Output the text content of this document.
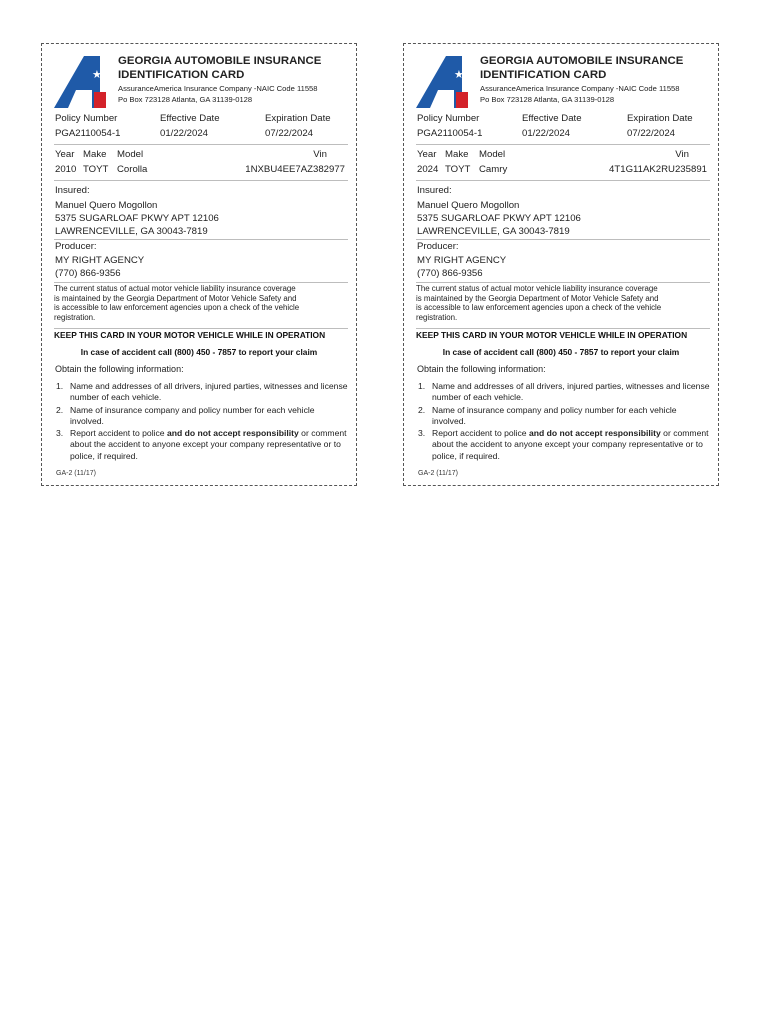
★
GEORGIA AUTOMOBILE INSURANCE
IDENTIFICATION CARD
AssuranceAmerica Insurance Company -NAIC Code 11558
Po Box 723128 Atlanta, GA 31139-0128
Policy Number	Effective Date	Expiration Date
PGA2110054-1	01/22/2024	07/22/2024
Year Make Model	Vin
2010 TOYT Corolla	1NXBU4EE7AZ382977
Insured:
Manuel Quero Mogollon
5375 SUGARLOAF PKWY APT 12106
LAWRENCEVILLE, GA 30043-7819
Producer:
MY RIGHT AGENCY
(770) 866-9356
The current status of actual motor vehicle liability insurance coverage
is maintained by the Georgia Department of Motor Vehicle Safety and
is accessible to law enforcement agencies upon a check of the vehicle
registration.
KEEP THIS CARD IN YOUR MOTOR VEHICLE WHILE IN OPERATION
In case of accident call (800) 450 - 7857 to report your claim
Obtain the following information:
1. Name and addresses of all drivers, injured parties, witnesses and license number of each vehicle.
2. Name of insurance company and policy number for each vehicle involved.
3. Report accident to police and do not accept responsibility or comment about the accident to anyone except your company representative or to police, if required.
GA-2 (11/17)
★
GEORGIA AUTOMOBILE INSURANCE
IDENTIFICATION CARD
AssuranceAmerica Insurance Company -NAIC Code 11558
Po Box 723128 Atlanta, GA 31139-0128
Policy Number	Effective Date	Expiration Date
PGA2110054-1	01/22/2024	07/22/2024
Year Make Model	Vin
2024 TOYT Camry	4T1G11AK2RU235891
Insured:
Manuel Quero Mogollon
5375 SUGARLOAF PKWY APT 12106
LAWRENCEVILLE, GA 30043-7819
Producer:
MY RIGHT AGENCY
(770) 866-9356
The current status of actual motor vehicle liability insurance coverage
is maintained by the Georgia Department of Motor Vehicle Safety and
is accessible to law enforcement agencies upon a check of the vehicle
registration.
KEEP THIS CARD IN YOUR MOTOR VEHICLE WHILE IN OPERATION
In case of accident call (800) 450 - 7857 to report your claim
Obtain the following information:
1. Name and addresses of all drivers, injured parties, witnesses and license number of each vehicle.
2. Name of insurance company and policy number for each vehicle involved.
3. Report accident to police and do not accept responsibility or comment about the accident to anyone except your company representative or to police, if required.
GA-2 (11/17)
